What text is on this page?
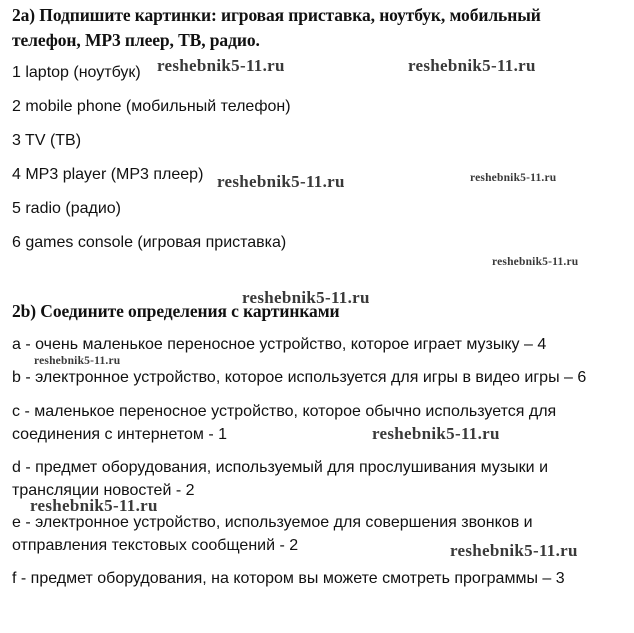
2a) Подпишите картинки: игровая приставка, ноутбук, мобильный
телефон, MP3 плеер, ТВ, радио.
1 laptop (ноутбук)
2 mobile phone (мобильный телефон)
3 TV (ТВ)
4 MP3 player (MP3 плеер)
5 radio (радио)
6 games console (игровая приставка)
2b) Соедините определения с картинками
a - очень маленькое переносное устройство, которое играет музыку – 4
b - электронное устройство, которое используется для игры в видео игры – 6
c - маленькое переносное устройство, которое обычно используется для
соединения с интернетом - 1
d - предмет оборудования, используемый для прослушивания музыки и
трансляции новостей - 2
e - электронное устройство, используемое для совершения звонков и
отправления текстовых сообщений - 2
f - предмет оборудования, на котором вы можете смотреть программы – 3
reshebnik5-11.ru	reshebnik5-11.ru
reshebnik5-11.ru	reshebnik5-11.ru
reshebnik5-11.ru
reshebnik5-11.ru
reshebnik5-11.ru
reshebnik5-11.ru
reshebnik5-11.ru
reshebnik5-11.ru
